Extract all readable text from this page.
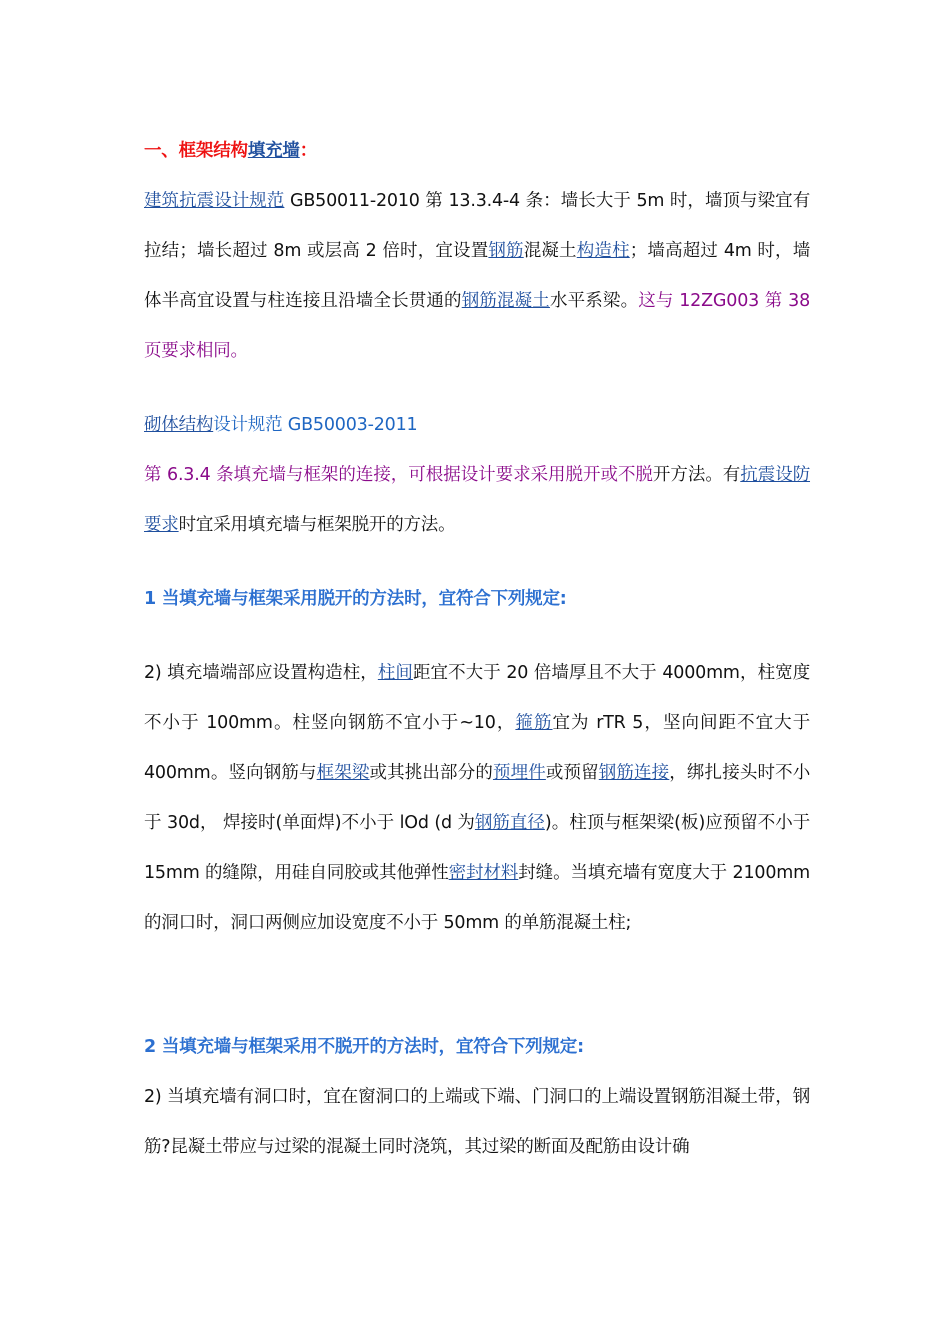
一、框架结构填充墙：
建筑抗震设计规范 GB50011-2010 第 13.3.4-4 条：墙长大于 5m 时，墙顶与梁宜有拉结；墙长超过 8m 或层高 2 倍时，宜设置钢筋混凝土构造柱；墙高超过 4m 时，墙体半高宜设置与柱连接且沿墙全长贯通的钢筋混凝土水平系梁。这与 12ZG003 第 38 页要求相同。
砌体结构设计规范 GB50003-2011
第 6.3.4 条填充墙与框架的连接，可根据设计要求采用脱开或不脱开方法。有抗震设防要求时宜采用填充墙与框架脱开的方法。
1 当填充墙与框架采用脱开的方法时，宜符合下列规定:
2) 填充墙端部应设置构造柱，柱间距宜不大于 20 倍墙厚且不大于 4000mm，柱宽度不小于 100mm。柱竖向钢筋不宜小于~10，箍筋宜为 rTR 5，坚向间距不宜大于 400mm。竖向钢筋与框架梁或其挑出部分的预埋件或预留钢筋连接，绑扎接头时不小于 30d， 焊接时(单面焊)不小于 lOd (d 为钢筋直径)。柱顶与框架梁(板)应预留不小于 15mm 的缝隙，用硅自同胶或其他弹性密封材料封缝。当填充墙有宽度大于 2100mm 的洞口时，洞口两侧应加设宽度不小于 50mm 的单筋混凝土柱;
2 当填充墙与框架采用不脱开的方法时，宜符合下列规定:
2) 当填充墙有洞口时，宜在窗洞口的上端或下端、门洞口的上端设置钢筋泪凝土带，钢筋?昆凝土带应与过梁的混凝土同时浇筑，其过梁的断面及配筋由设计确
